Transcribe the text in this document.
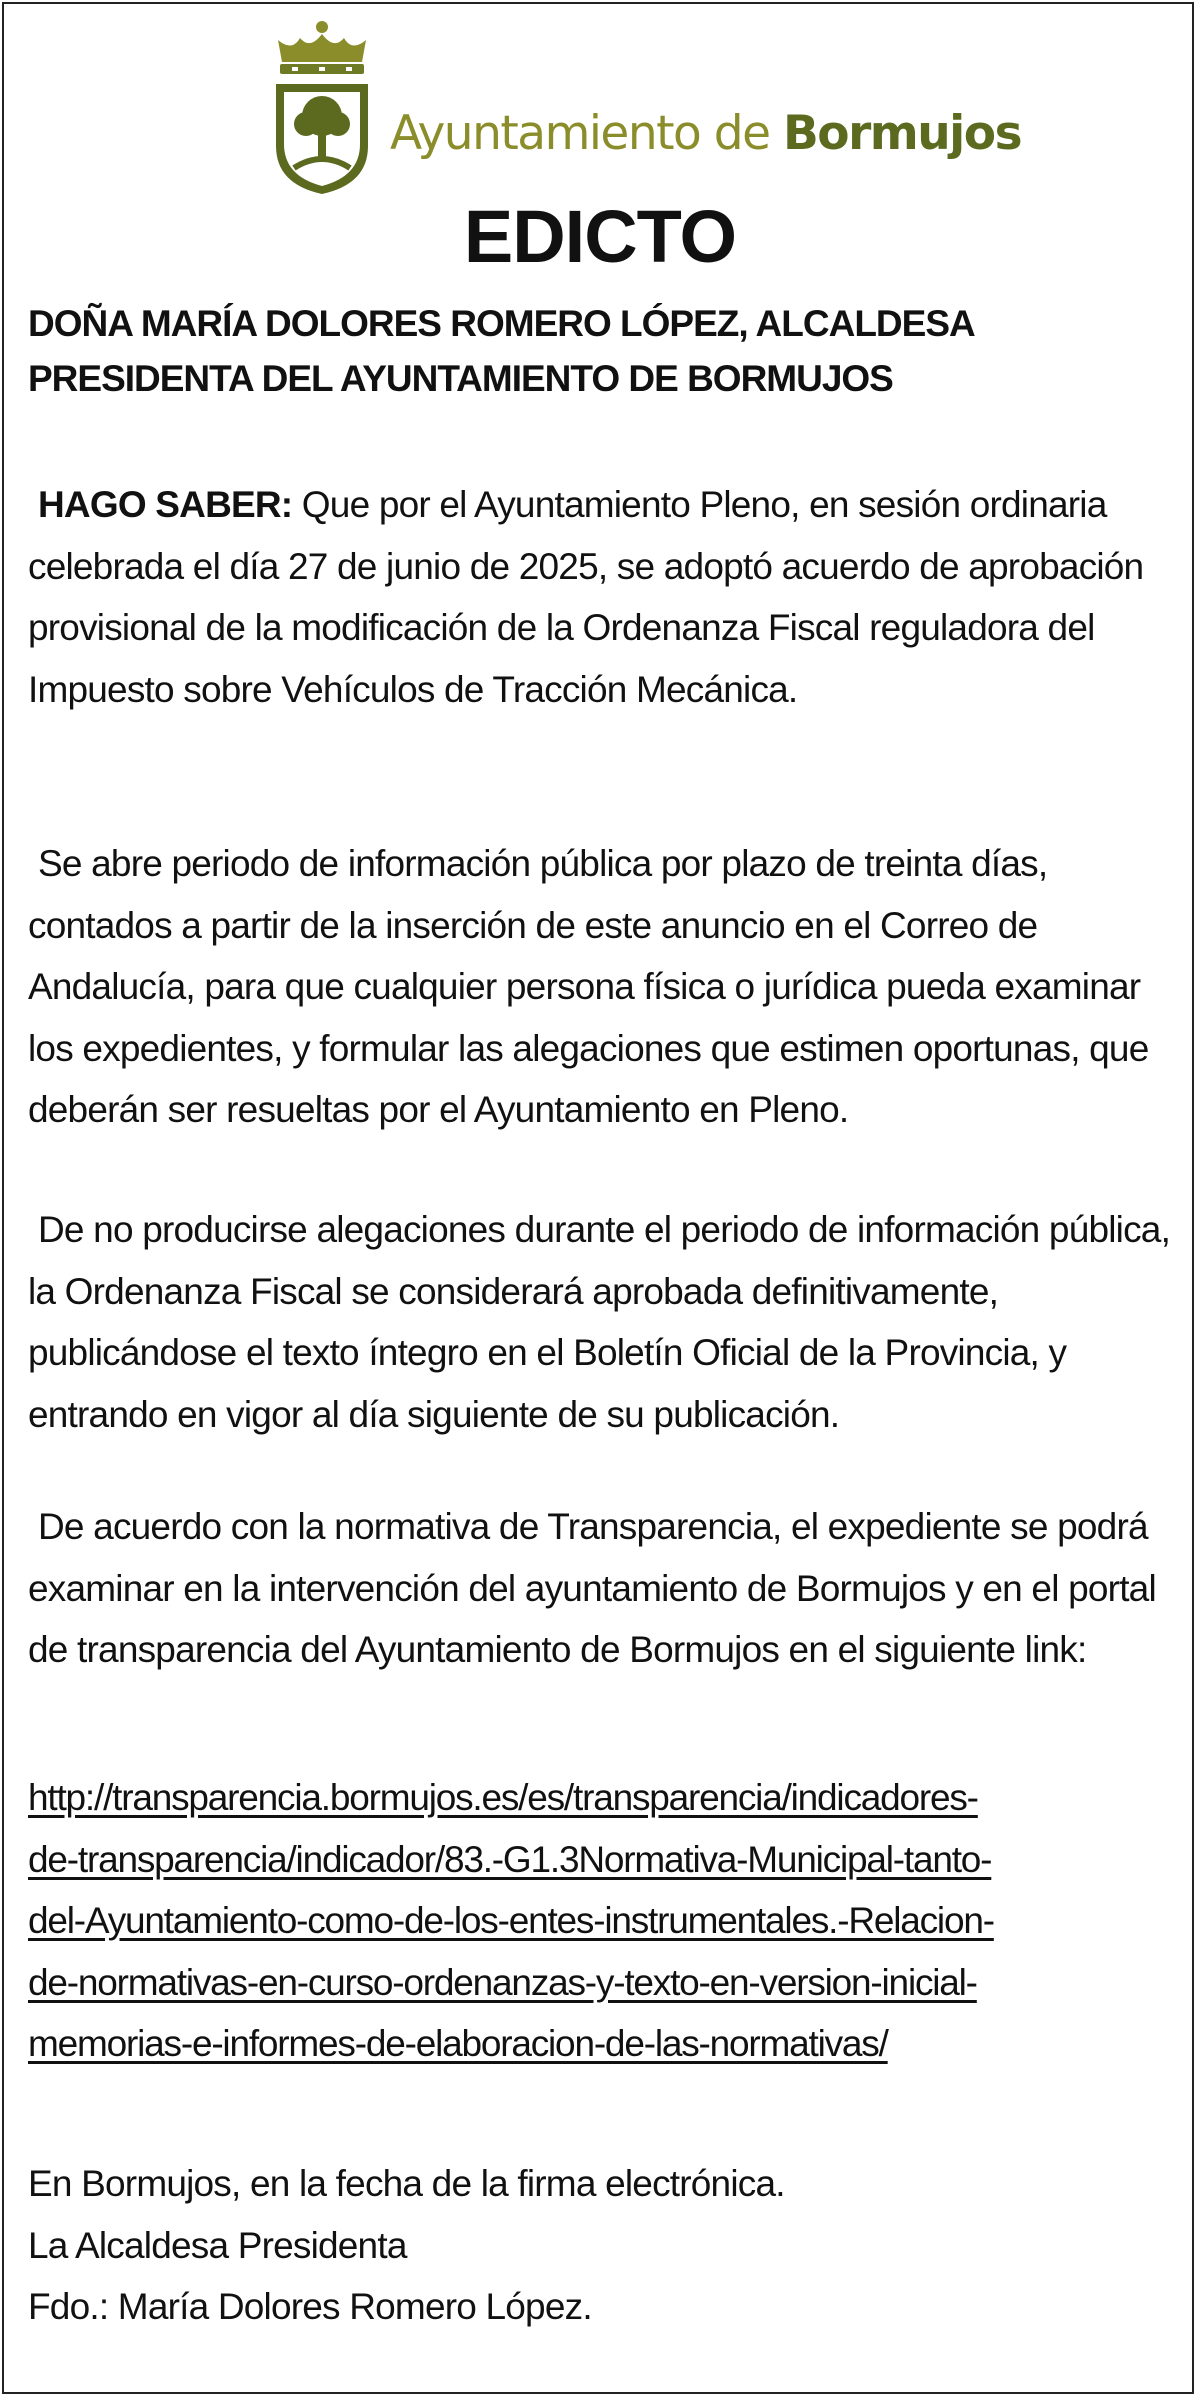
Ayuntamiento de Bormujos
EDICTO
DOÑA MARÍA DOLORES ROMERO LÓPEZ, ALCALDESA PRESIDENTA DEL AYUNTAMIENTO DE BORMUJOS
HAGO SABER: Que por el Ayuntamiento Pleno, en sesión ordinaria celebrada el día 27 de junio de 2025, se adoptó acuerdo de aprobación provisional de la modificación de la Ordenanza Fiscal reguladora del Impuesto sobre Vehículos de Tracción Mecánica.
Se abre periodo de información pública por plazo de treinta días, contados a partir de la inserción de este anuncio en el Correo de Andalucía, para que cualquier persona física o jurídica pueda examinar los expedientes, y formular las alegaciones que estimen oportunas, que deberán ser resueltas por el Ayuntamiento en Pleno.
De no producirse alegaciones durante el periodo de información pública, la Ordenanza Fiscal se considerará aprobada definitivamente, publicándose el texto íntegro en el Boletín Oficial de la Provincia, y entrando en vigor al día siguiente de su publicación.
De acuerdo con la normativa de Transparencia, el expediente se podrá examinar en la intervención del ayuntamiento de Bormujos y en el portal de transparencia del Ayuntamiento de Bormujos en el siguiente link:
http://transparencia.bormujos.es/es/transparencia/indicadores-
de-transparencia/indicador/83.-G1.3Normativa-Municipal-tanto-
del-Ayuntamiento-como-de-los-entes-instrumentales.-Relacion-
de-normativas-en-curso-ordenanzas-y-texto-en-version-inicial-
memorias-e-informes-de-elaboracion-de-las-normativas/
En Bormujos, en la fecha de la firma electrónica.
La Alcaldesa Presidenta
Fdo.: María Dolores Romero López.
